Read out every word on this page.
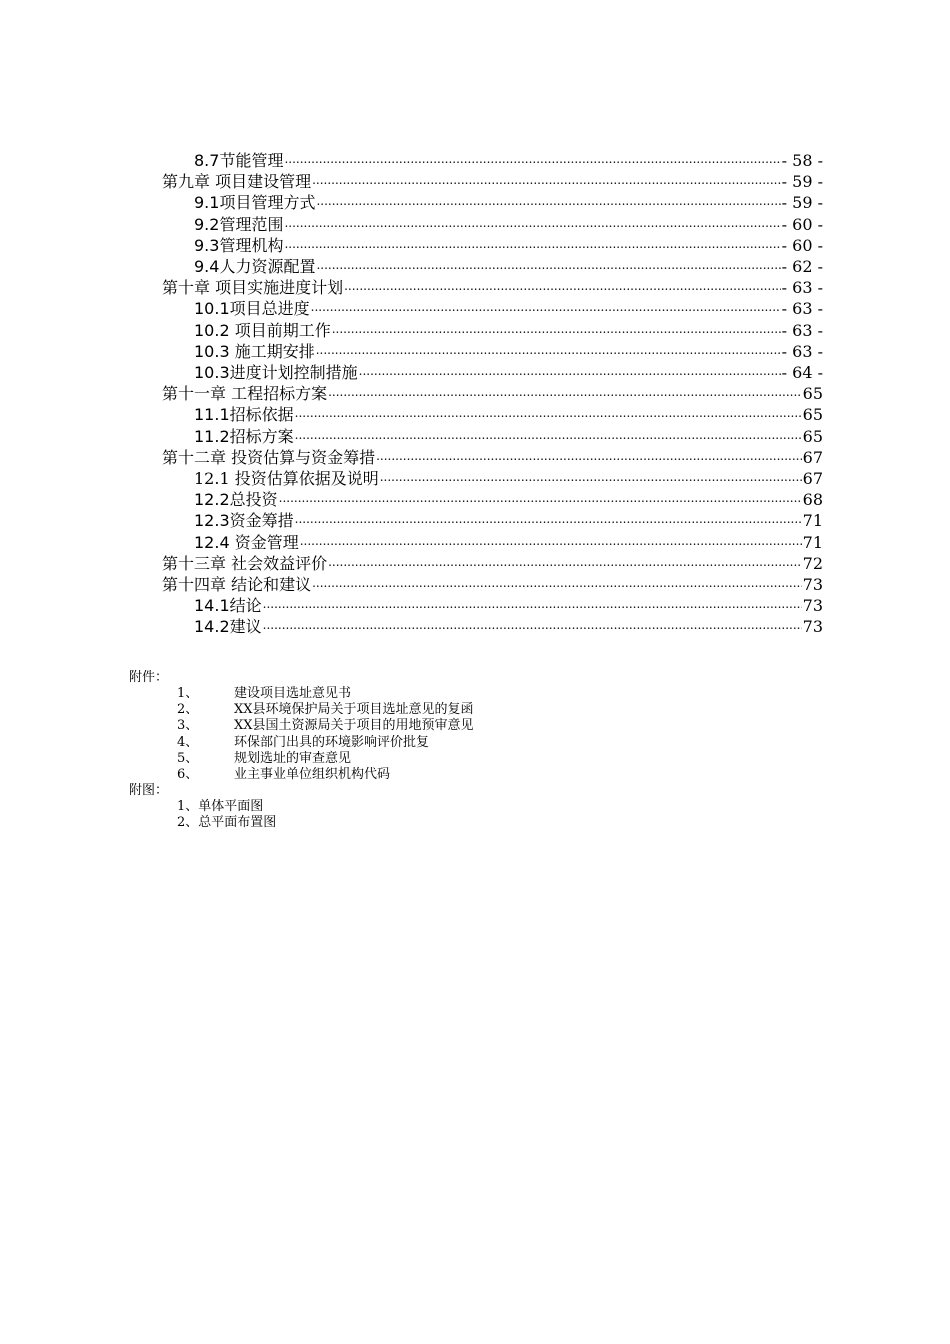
8.7节能管理 .....	- 58 -
第九章 项目建设管理 .....	- 59 -
9.1项目管理方式 .....	- 59 -
9.2管理范围 .....	- 60 -
9.3管理机构 .....	- 60 -
9.4人力资源配置 .....	- 62 -
第十章 项目实施进度计划 .....	- 63 -
10.1项目总进度 .....	- 63 -
10.2 项目前期工作 .....	- 63 -
10.3 施工期安排 .....	- 63 -
10.3进度计划控制措施 .....	- 64 -
第十一章 工程招标方案 .....	65
11.1招标依据 .....	65
11.2招标方案 .....	65
第十二章 投资估算与资金筹措 .....	67
12.1 投资估算依据及说明 .....	67
12.2总投资 .....	68
12.3资金筹措 .....	71
12.4 资金管理 .....	71
第十三章 社会效益评价 .....	72
第十四章 结论和建议 .....	73
14.1结论 .....	73
14.2建议 .....	73
附件：
1、	建设项目选址意见书
2、	XX县环境保护局关于项目选址意见的复函
3、	XX县国土资源局关于项目的用地预审意见
4、	环保部门出具的环境影响评价批复
5、	规划选址的审查意见
6、	业主事业单位组织机构代码
附图：
1、单体平面图
2、总平面布置图
